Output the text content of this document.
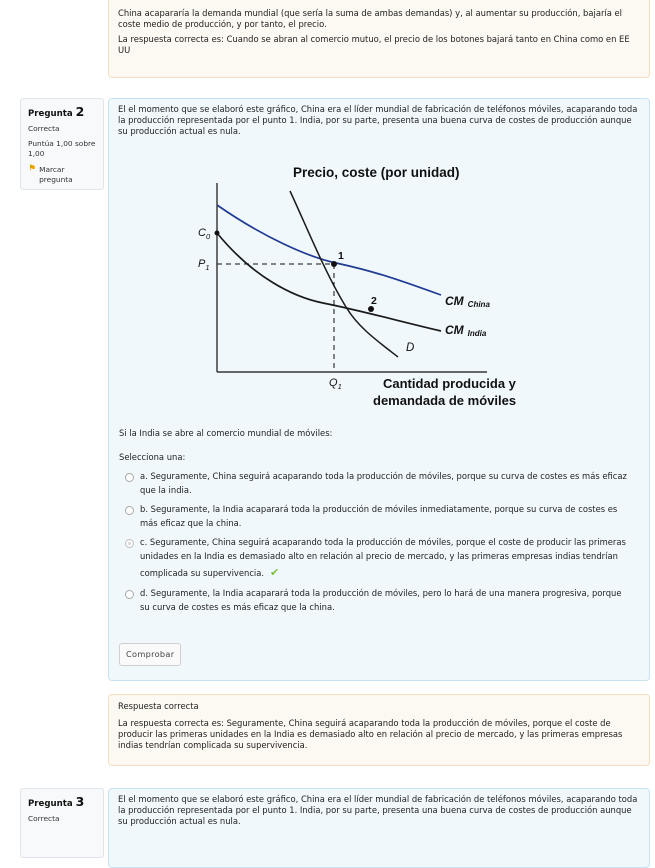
China acapararía la demanda mundial (que sería la suma de ambas demandas) y, al aumentar su producción, bajaría el coste medio de producción, y por tanto, el precio.

La respuesta correcta es: Cuando se abran al comercio mutuo, el precio de los botones bajará tanto en China como en EE UU

Pregunta 2
Correcta
Puntúa 1,00 sobre 1,00
⚑ Marcar pregunta

El el momento que se elaboró este gráfico, China era el líder mundial de fabricación de teléfonos móviles, acaparando toda la producción representada por el punto 1. India, por su parte, presenta una buena curva de costes de producción aunque su producción actual es nula.

Precio, coste (por unidad)
1
2
$C_0$
$P_1$
$Q_1$
CM China
CM India
D
Cantidad producida y
demandada de móviles

Si la India se abre al comercio mundial de móviles:

Selecciona una:

a. Seguramente, China seguirá acaparando toda la producción de móviles, porque su curva de costes es más eficaz que la india.
b. Seguramente, la India acaparará toda la producción de móviles inmediatamente, porque su curva de costes es más eficaz que la china.
c. Seguramente, China seguirá acaparando toda la producción de móviles, porque el coste de producir las primeras unidades en la India es demasiado alto en relación al precio de mercado, y las primeras empresas indias tendrían complicada su supervivencia. ✔
d. Seguramente, la India acaparará toda la producción de móviles, pero lo hará de una manera progresiva, porque su curva de costes es más eficaz que la china.
Comprobar

Respuesta correcta

La respuesta correcta es: Seguramente, China seguirá acaparando toda la producción de móviles, porque el coste de producir las primeras unidades en la India es demasiado alto en relación al precio de mercado, y las primeras empresas indias tendrían complicada su supervivencia.

Pregunta 3
Correcta

El el momento que se elaboró este gráfico, China era el líder mundial de fabricación de teléfonos móviles, acaparando toda la producción representada por el punto 1. India, por su parte, presenta una buena curva de costes de producción aunque su producción actual es nula.
